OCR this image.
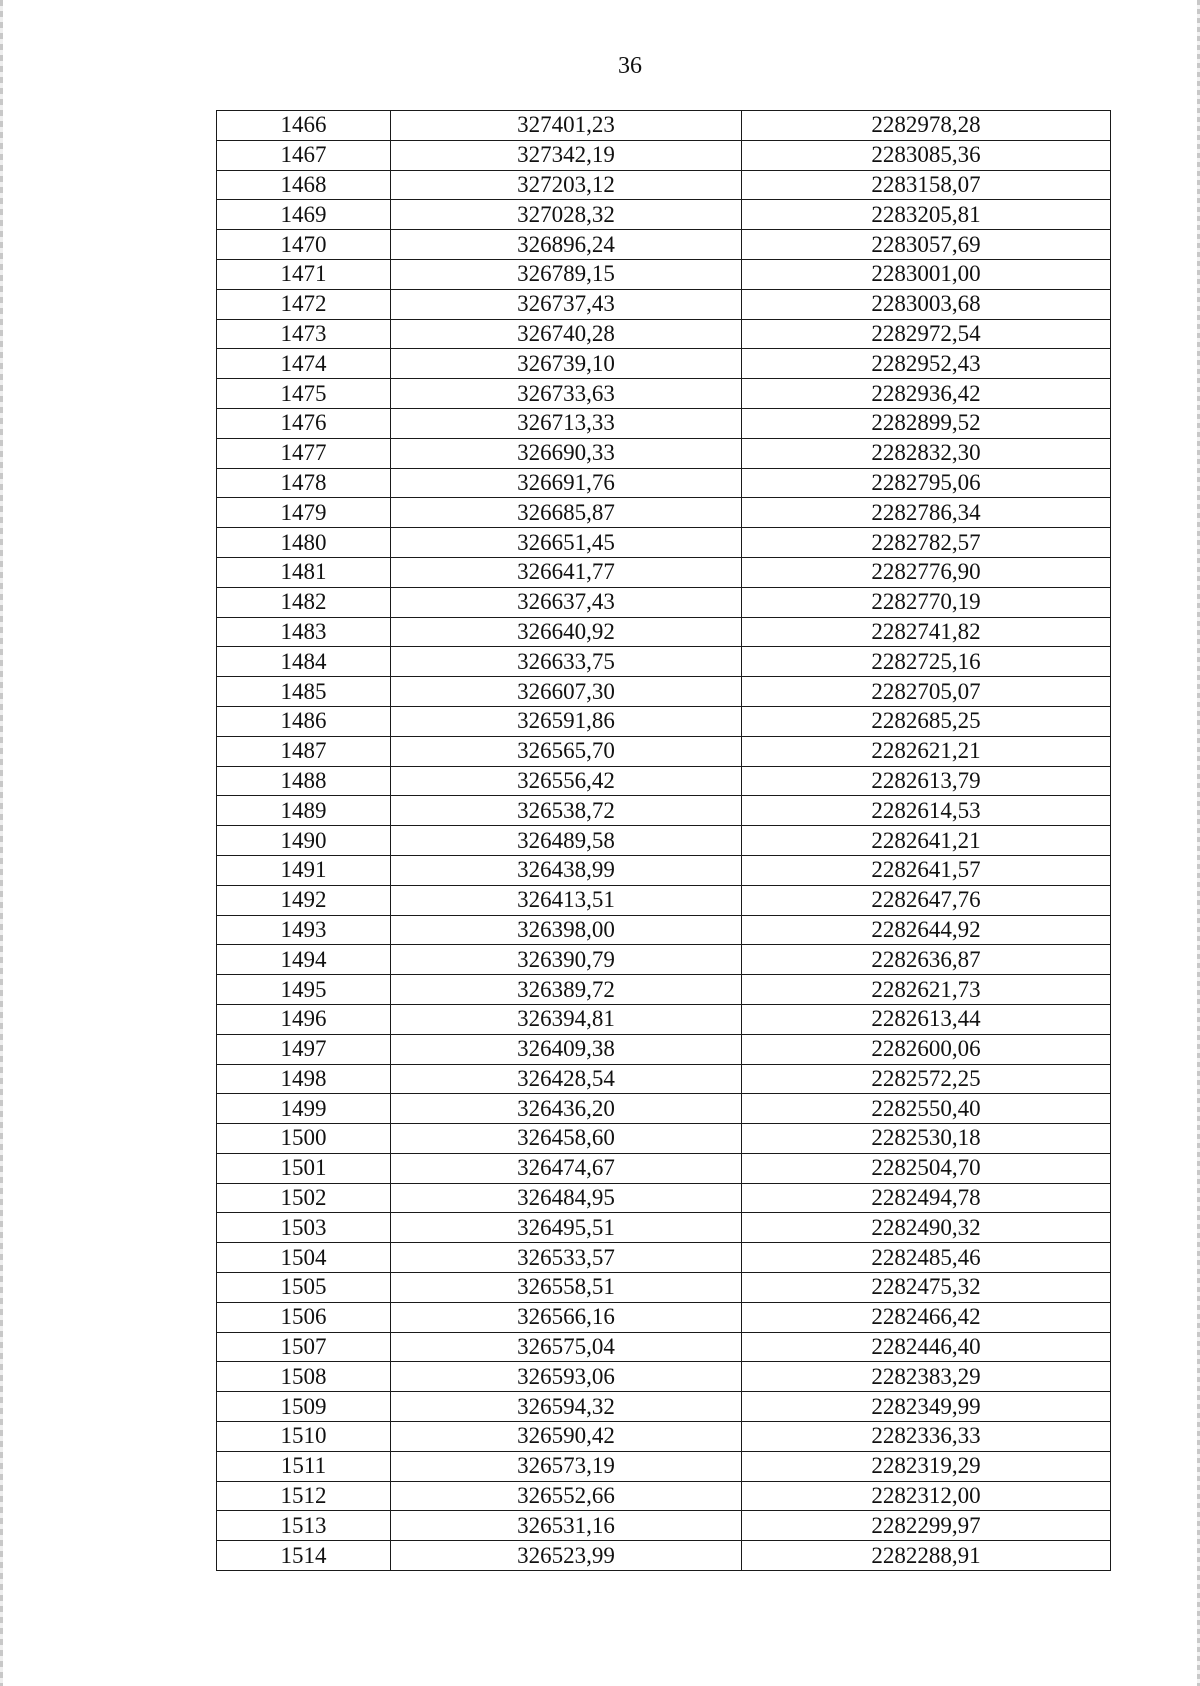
36
1466	327401,23	2282978,28
1467	327342,19	2283085,36
1468	327203,12	2283158,07
1469	327028,32	2283205,81
1470	326896,24	2283057,69
1471	326789,15	2283001,00
1472	326737,43	2283003,68
1473	326740,28	2282972,54
1474	326739,10	2282952,43
1475	326733,63	2282936,42
1476	326713,33	2282899,52
1477	326690,33	2282832,30
1478	326691,76	2282795,06
1479	326685,87	2282786,34
1480	326651,45	2282782,57
1481	326641,77	2282776,90
1482	326637,43	2282770,19
1483	326640,92	2282741,82
1484	326633,75	2282725,16
1485	326607,30	2282705,07
1486	326591,86	2282685,25
1487	326565,70	2282621,21
1488	326556,42	2282613,79
1489	326538,72	2282614,53
1490	326489,58	2282641,21
1491	326438,99	2282641,57
1492	326413,51	2282647,76
1493	326398,00	2282644,92
1494	326390,79	2282636,87
1495	326389,72	2282621,73
1496	326394,81	2282613,44
1497	326409,38	2282600,06
1498	326428,54	2282572,25
1499	326436,20	2282550,40
1500	326458,60	2282530,18
1501	326474,67	2282504,70
1502	326484,95	2282494,78
1503	326495,51	2282490,32
1504	326533,57	2282485,46
1505	326558,51	2282475,32
1506	326566,16	2282466,42
1507	326575,04	2282446,40
1508	326593,06	2282383,29
1509	326594,32	2282349,99
1510	326590,42	2282336,33
1511	326573,19	2282319,29
1512	326552,66	2282312,00
1513	326531,16	2282299,97
1514	326523,99	2282288,91
